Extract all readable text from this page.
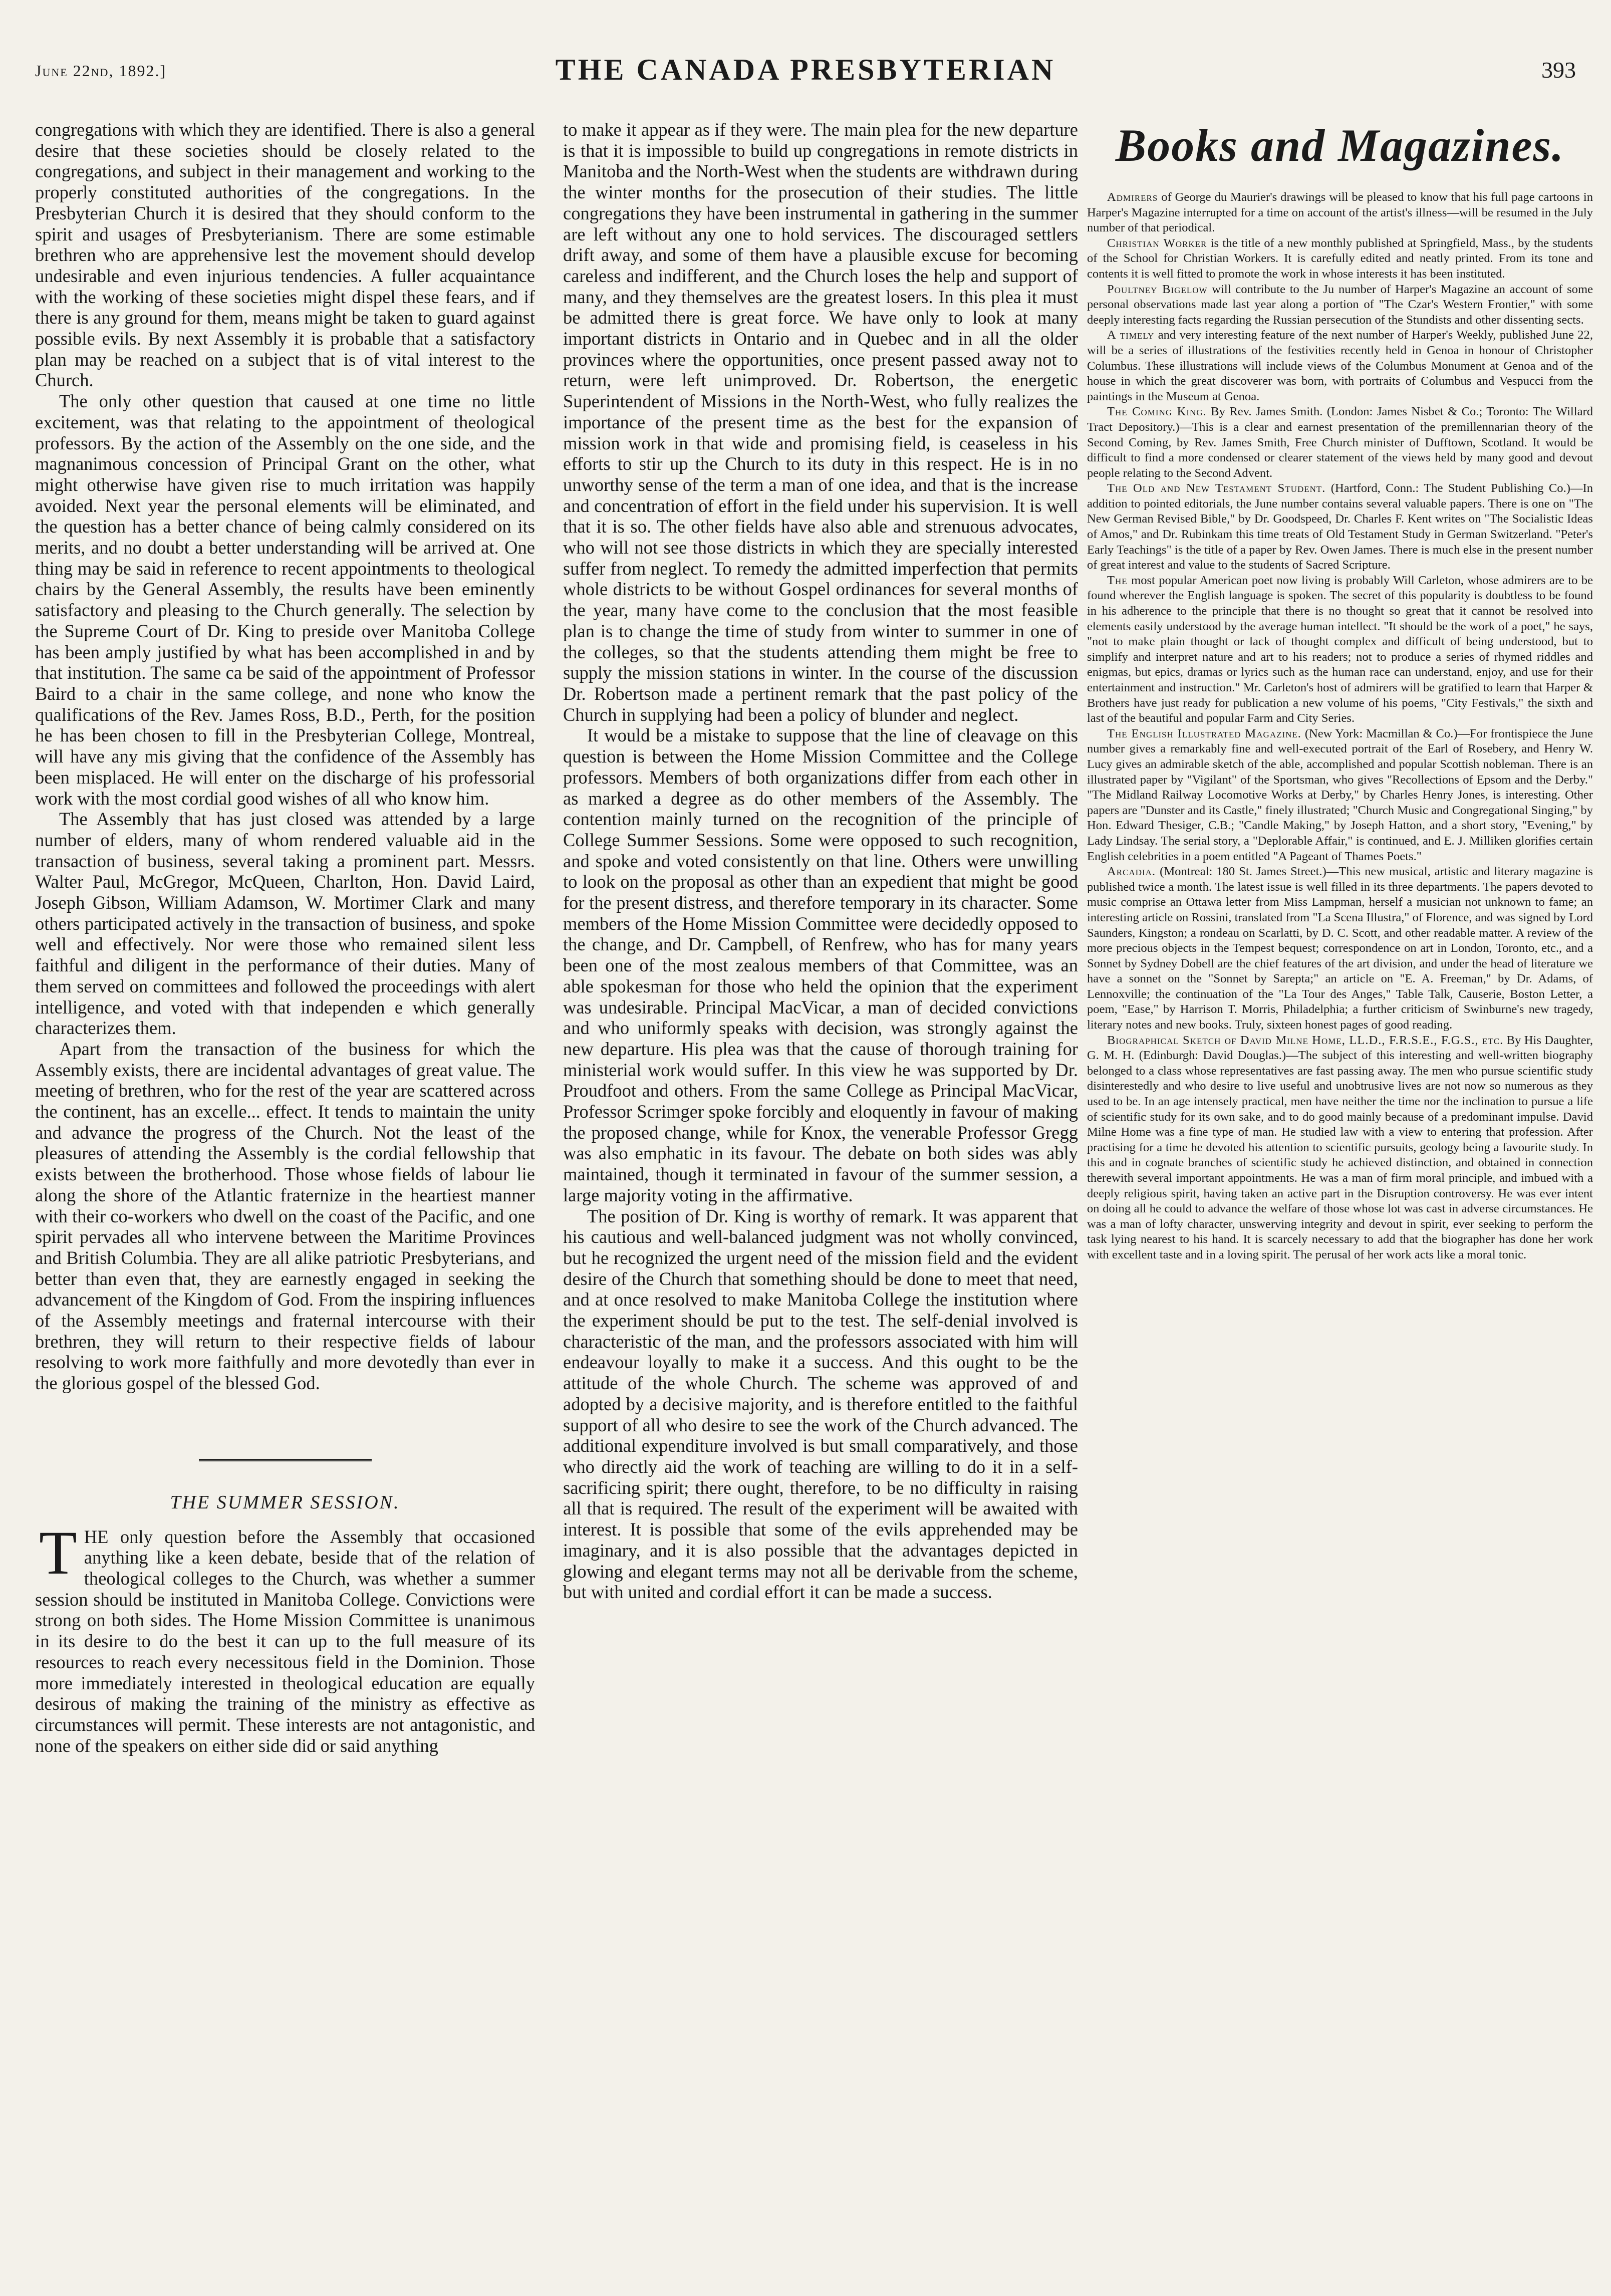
June 22nd, 1892.]	THE CANADA PRESBYTERIAN	393

congregations with which they are identified. There is also a general desire that these societies should be closely related to the congregations, and subject in their management and working to the properly constituted authorities of the congregations. In the Presbyterian Church it is desired that they should conform to the spirit and usages of Presbyterianism. There are some estimable brethren who are apprehensive lest the movement should develop undesirable and even injurious tendencies. A fuller acquaintance with the working of these societies might dispel these fears, and if there is any ground for them, means might be taken to guard against possible evils. By next Assembly it is probable that a satisfactory plan may be reached on a subject that is of vital interest to the Church.

The only other question that caused at one time no little excitement, was that relating to the appointment of theological professors. By the action of the Assembly on the one side, and the magnanimous concession of Principal Grant on the other, what might otherwise have given rise to much irritation was happily avoided. Next year the personal elements will be eliminated, and the question has a better chance of being calmly considered on its merits, and no doubt a better understanding will be arrived at. One thing may be said in reference to recent appointments to theological chairs by the General Assembly, the results have been eminently satisfactory and pleasing to the Church generally. The selection by the Supreme Court of Dr. King to preside over Manitoba College has been amply justified by what has been accomplished in and by that institution. The same ca be said of the appointment of Professor Baird to a chair in the same college, and none who know the qualifications of the Rev. James Ross, B.D., Perth, for the position he has been chosen to fill in the Presbyterian College, Montreal, will have any mis giving that the confidence of the Assembly has been misplaced. He will enter on the discharge of his professorial work with the most cordial good wishes of all who know him.

The Assembly that has just closed was attended by a large number of elders, many of whom rendered valuable aid in the transaction of business, several taking a prominent part. Messrs. Walter Paul, McGregor, McQueen, Charlton, Hon. David Laird, Joseph Gibson, William Adamson, W. Mortimer Clark and many others participated actively in the transaction of business, and spoke well and effectively. Nor were those who remained silent less faithful and diligent in the performance of their duties. Many of them served on committees and followed the proceedings with alert intelligence, and voted with that independen e which generally characterizes them.

Apart from the transaction of the business for which the Assembly exists, there are incidental advantages of great value. The meeting of brethren, who for the rest of the year are scattered across the continent, has an excelle... effect. It tends to maintain the unity and advance the progress of the Church. Not the least of the pleasures of attending the Assembly is the cordial fellowship that exists between the brotherhood. Those whose fields of labour lie along the shore of the Atlantic fraternize in the heartiest manner with their co-workers who dwell on the coast of the Pacific, and one spirit pervades all who intervene between the Maritime Provinces and British Columbia. They are all alike patriotic Presbyterians, and better than even that, they are earnestly engaged in seeking the advancement of the Kingdom of God. From the inspiring influences of the Assembly meetings and fraternal intercourse with their brethren, they will return to their respective fields of labour resolving to work more faithfully and more devotedly than ever in the glorious gospel of the blessed God.

THE SUMMER SESSION.

THE only question before the Assembly that occasioned anything like a keen debate, beside that of the relation of theological colleges to the Church, was whether a summer session should be instituted in Manitoba College. Convictions were strong on both sides. The Home Mission Committee is unanimous in its desire to do the best it can up to the full measure of its resources to reach every necessitous field in the Dominion. Those more immediately interested in theological education are equally desirous of making the training of the ministry as effective as circumstances will permit. These interests are not antagonistic, and none of the speakers on either side did or said anything

to make it appear as if they were. The main plea for the new departure is that it is impossible to build up congregations in remote districts in Manitoba and the North-West when the students are withdrawn during the winter months for the prosecution of their studies. The little congregations they have been instrumental in gathering in the summer are left without any one to hold services. The discouraged settlers drift away, and some of them have a plausible excuse for becoming careless and indifferent, and the Church loses the help and support of many, and they themselves are the greatest losers. In this plea it must be admitted there is great force. We have only to look at many important districts in Ontario and in Quebec and in all the older provinces where the opportunities, once present passed away not to return, were left unimproved. Dr. Robertson, the energetic Superintendent of Missions in the North-West, who fully realizes the importance of the present time as the best for the expansion of mission work in that wide and promising field, is ceaseless in his efforts to stir up the Church to its duty in this respect. He is in no unworthy sense of the term a man of one idea, and that is the increase and concentration of effort in the field under his supervision. It is well that it is so. The other fields have also able and strenuous advocates, who will not see those districts in which they are specially interested suffer from neglect. To remedy the admitted imperfection that permits whole districts to be without Gospel ordinances for several months of the year, many have come to the conclusion that the most feasible plan is to change the time of study from winter to summer in one of the colleges, so that the students attending them might be free to supply the mission stations in winter. In the course of the discussion Dr. Robertson made a pertinent remark that the past policy of the Church in supplying had been a policy of blunder and neglect.

It would be a mistake to suppose that the line of cleavage on this question is between the Home Mission Committee and the College professors. Members of both organizations differ from each other in as marked a degree as do other members of the Assembly. The contention mainly turned on the recognition of the principle of College Summer Sessions. Some were opposed to such recognition, and spoke and voted consistently on that line. Others were unwilling to look on the proposal as other than an expedient that might be good for the present distress, and therefore temporary in its character. Some members of the Home Mission Committee were decidedly opposed to the change, and Dr. Campbell, of Renfrew, who has for many years been one of the most zealous members of that Committee, was an able spokesman for those who held the opinion that the experiment was undesirable. Principal MacVicar, a man of decided convictions and who uniformly speaks with decision, was strongly against the new departure. His plea was that the cause of thorough training for ministerial work would suffer. In this view he was supported by Dr. Proudfoot and others. From the same College as Principal MacVicar, Professor Scrimger spoke forcibly and eloquently in favour of making the proposed change, while for Knox, the venerable Professor Gregg was also emphatic in its favour. The debate on both sides was ably maintained, though it terminated in favour of the summer session, a large majority voting in the affirmative.

The position of Dr. King is worthy of remark. It was apparent that his cautious and well-balanced judgment was not wholly convinced, but he recognized the urgent need of the mission field and the evident desire of the Church that something should be done to meet that need, and at once resolved to make Manitoba College the institution where the experiment should be put to the test. The self-denial involved is characteristic of the man, and the professors associated with him will endeavour loyally to make it a success. And this ought to be the attitude of the whole Church. The scheme was approved of and adopted by a decisive majority, and is therefore entitled to the faithful support of all who desire to see the work of the Church advanced. The additional expenditure involved is but small comparatively, and those who directly aid the work of teaching are willing to do it in a self-sacrificing spirit; there ought, therefore, to be no difficulty in raising all that is required. The result of the experiment will be awaited with interest. It is possible that some of the evils apprehended may be imaginary, and it is also possible that the advantages depicted in glowing and elegant terms may not all be derivable from the scheme, but with united and cordial effort it can be made a success.

Books and Magazines.

Admirers of George du Maurier's drawings will be pleased to know that his full page cartoons in Harper's Magazine interrupted for a time on account of the artist's illness—will be resumed in the July number of that periodical.

Christian Worker is the title of a new monthly published at Springfield, Mass., by the students of the School for Christian Workers. It is carefully edited and neatly printed. From its tone and contents it is well fitted to promote the work in whose interests it has been instituted.

Poultney Bigelow will contribute to the Ju number of Harper's Magazine an account of some personal observations made last year along a portion of "The Czar's Western Frontier," with some deeply interesting facts regarding the Russian persecution of the Stundists and other dissenting sects.

A timely and very interesting feature of the next number of Harper's Weekly, published June 22, will be a series of illustrations of the festivities recently held in Genoa in honour of Christopher Columbus. These illustrations will include views of the Columbus Monument at Genoa and of the house in which the great discoverer was born, with portraits of Columbus and Vespucci from the paintings in the Museum at Genoa.

The Coming King. By Rev. James Smith. (London: James Nisbet & Co.; Toronto: The Willard Tract Depository.)—This is a clear and earnest presentation of the premillennarian theory of the Second Coming, by Rev. James Smith, Free Church minister of Dufftown, Scotland. It would be difficult to find a more condensed or clearer statement of the views held by many good and devout people relating to the Second Advent.

The Old and New Testament Student. (Hartford, Conn.: The Student Publishing Co.)—In addition to pointed editorials, the June number contains several valuable papers. There is one on "The New German Revised Bible," by Dr. Goodspeed, Dr. Charles F. Kent writes on "The Socialistic Ideas of Amos," and Dr. Rubinkam this time treats of Old Testament Study in German Switzerland. "Peter's Early Teachings" is the title of a paper by Rev. Owen James. There is much else in the present number of great interest and value to the students of Sacred Scripture.

The most popular American poet now living is probably Will Carleton, whose admirers are to be found wherever the English language is spoken. The secret of this popularity is doubtless to be found in his adherence to the principle that there is no thought so great that it cannot be resolved into elements easily understood by the average human intellect. "It should be the work of a poet," he says, "not to make plain thought or lack of thought complex and difficult of being understood, but to simplify and interpret nature and art to his readers; not to produce a series of rhymed riddles and enigmas, but epics, dramas or lyrics such as the human race can understand, enjoy, and use for their entertainment and instruction." Mr. Carleton's host of admirers will be gratified to learn that Harper & Brothers have just ready for publication a new volume of his poems, "City Festivals," the sixth and last of the beautiful and popular Farm and City Series.

The English Illustrated Magazine. (New York: Macmillan & Co.)—For frontispiece the June number gives a remarkably fine and well-executed portrait of the Earl of Rosebery, and Henry W. Lucy gives an admirable sketch of the able, accomplished and popular Scottish nobleman. There is an illustrated paper by "Vigilant" of the Sportsman, who gives "Recollections of Epsom and the Derby." "The Midland Railway Locomotive Works at Derby," by Charles Henry Jones, is interesting. Other papers are "Dunster and its Castle," finely illustrated; "Church Music and Congregational Singing," by Hon. Edward Thesiger, C.B.; "Candle Making," by Joseph Hatton, and a short story, "Evening," by Lady Lindsay. The serial story, a "Deplorable Affair," is continued, and E. J. Milliken glorifies certain English celebrities in a poem entitled "A Pageant of Thames Poets."

Arcadia. (Montreal: 180 St. James Street.)—This new musical, artistic and literary magazine is published twice a month. The latest issue is well filled in its three departments. The papers devoted to music comprise an Ottawa letter from Miss Lampman, herself a musician not unknown to fame; an interesting article on Rossini, translated from "La Scena Illustra," of Florence, and was signed by Lord Saunders, Kingston; a rondeau on Scarlatti, by D. C. Scott, and other readable matter. A review of the more precious objects in the Tempest bequest; correspondence on art in London, Toronto, etc., and a Sonnet by Sydney Dobell are the chief features of the art division, and under the head of literature we have a sonnet on the "Sonnet by Sarepta;" an article on "E. A. Freeman," by Dr. Adams, of Lennoxville; the continuation of the "La Tour des Anges," Table Talk, Causerie, Boston Letter, a poem, "Ease," by Harrison T. Morris, Philadelphia; a further criticism of Swinburne's new tragedy, literary notes and new books. Truly, sixteen honest pages of good reading.

Biographical Sketch of David Milne Home, LL.D., F.R.S.E., F.G.S., etc. By His Daughter, G. M. H. (Edinburgh: David Douglas.)—The subject of this interesting and well-written biography belonged to a class whose representatives are fast passing away. The men who pursue scientific study disinterestedly and who desire to live useful and unobtrusive lives are not now so numerous as they used to be. In an age intensely practical, men have neither the time nor the inclination to pursue a life of scientific study for its own sake, and to do good mainly because of a predominant impulse. David Milne Home was a fine type of man. He studied law with a view to entering that profession. After practising for a time he devoted his attention to scientific pursuits, geology being a favourite study. In this and in cognate branches of scientific study he achieved distinction, and obtained in connection therewith several important appointments. He was a man of firm moral principle, and imbued with a deeply religious spirit, having taken an active part in the Disruption controversy. He was ever intent on doing all he could to advance the welfare of those whose lot was cast in adverse circumstances. He was a man of lofty character, unswerving integrity and devout in spirit, ever seeking to perform the task lying nearest to his hand. It is scarcely necessary to add that the biographer has done her work with excellent taste and in a loving spirit. The perusal of her work acts like a moral tonic.
